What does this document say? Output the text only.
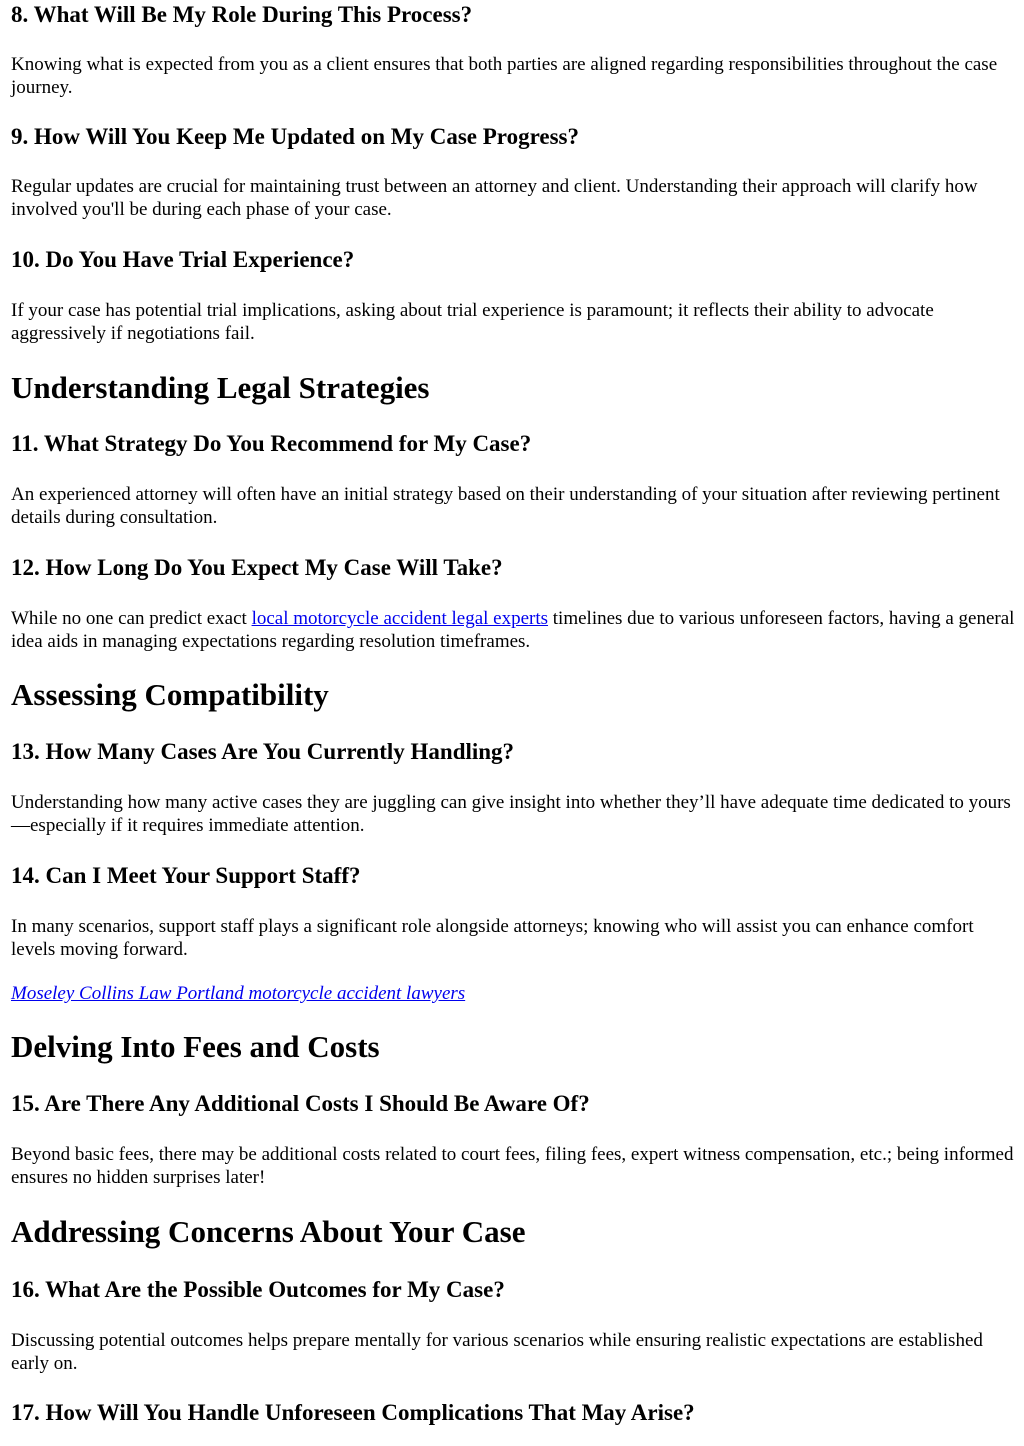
8. What Will Be My Role During This Process?

Knowing what is expected from you as a client ensures that both parties are aligned regarding responsibilities throughout the case journey.

9. How Will You Keep Me Updated on My Case Progress?

Regular updates are crucial for maintaining trust between an attorney and client. Understanding their approach will clarify how involved you'll be during each phase of your case.

10. Do You Have Trial Experience?

If your case has potential trial implications, asking about trial experience is paramount; it reflects their ability to advocate aggressively if negotiations fail.

Understanding Legal Strategies
11. What Strategy Do You Recommend for My Case?

An experienced attorney will often have an initial strategy based on their understanding of your situation after reviewing pertinent details during consultation.

12. How Long Do You Expect My Case Will Take?

While no one can predict exact local motorcycle accident legal experts timelines due to various unforeseen factors, having a general idea aids in managing expectations regarding resolution timeframes.

Assessing Compatibility
13. How Many Cases Are You Currently Handling?

Understanding how many active cases they are juggling can give insight into whether they’ll have adequate time dedicated to yours—especially if it requires immediate attention.

14. Can I Meet Your Support Staff?

In many scenarios, support staff plays a significant role alongside attorneys; knowing who will assist you can enhance comfort levels moving forward.

Moseley Collins Law Portland motorcycle accident lawyers

Delving Into Fees and Costs
15. Are There Any Additional Costs I Should Be Aware Of?

Beyond basic fees, there may be additional costs related to court fees, filing fees, expert witness compensation, etc.; being informed ensures no hidden surprises later!

Addressing Concerns About Your Case
16. What Are the Possible Outcomes for My Case?

Discussing potential outcomes helps prepare mentally for various scenarios while ensuring realistic expectations are established early on.

17. How Will You Handle Unforeseen Complications That May Arise?
